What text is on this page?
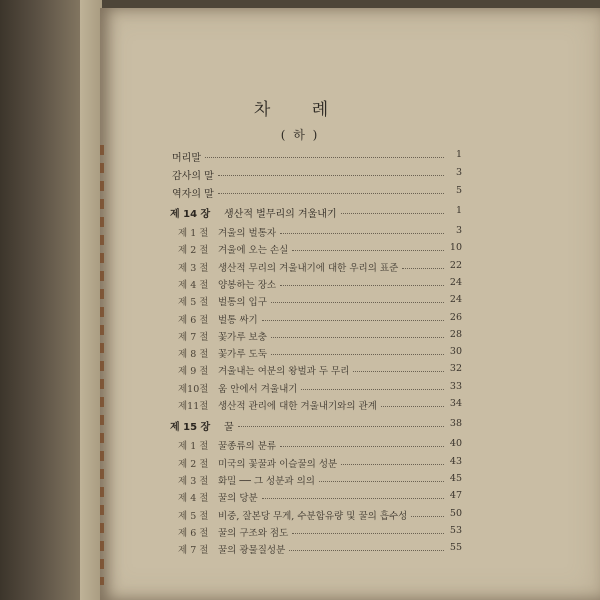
차 례
( 하 )
머리말	1
감사의 말	3
역자의 말	5
제 14 장 생산적 벌무리의 겨울내기	1
제 1 절 겨울의 벌통자	3
제 2 절 겨울에 오는 손실	10
제 3 절 생산적 무리의 겨울내기에 대한 우리의 표준	22
제 4 절 양봉하는 장소	24
제 5 절 벌통의 입구	24
제 6 절 벌통 싸기	26
제 7 절 꽃가루 보충	28
제 8 절 꽃가루 도둑	30
제 9 절 겨울내는 여분의 왕벌과 두 무리	32
제10절 움 안에서 겨울내기	33
제11절 생산적 관리에 대한 겨울내기와의 관계	34
제 15 장 꿀	38
제 1 절 꿀종류의 분류	40
제 2 절 미국의 꽃꿀과 이슬꿀의 성분	43
제 3 절 화밀 ── 그 성분과 의의	45
제 4 절 꿀의 당분	47
제 5 절 비중, 잘본당 무게, 수분함유량 및 꿀의 흡수성	50
제 6 절 꿀의 구조와 점도	53
제 7 절 꿀의 광물질성분	55
